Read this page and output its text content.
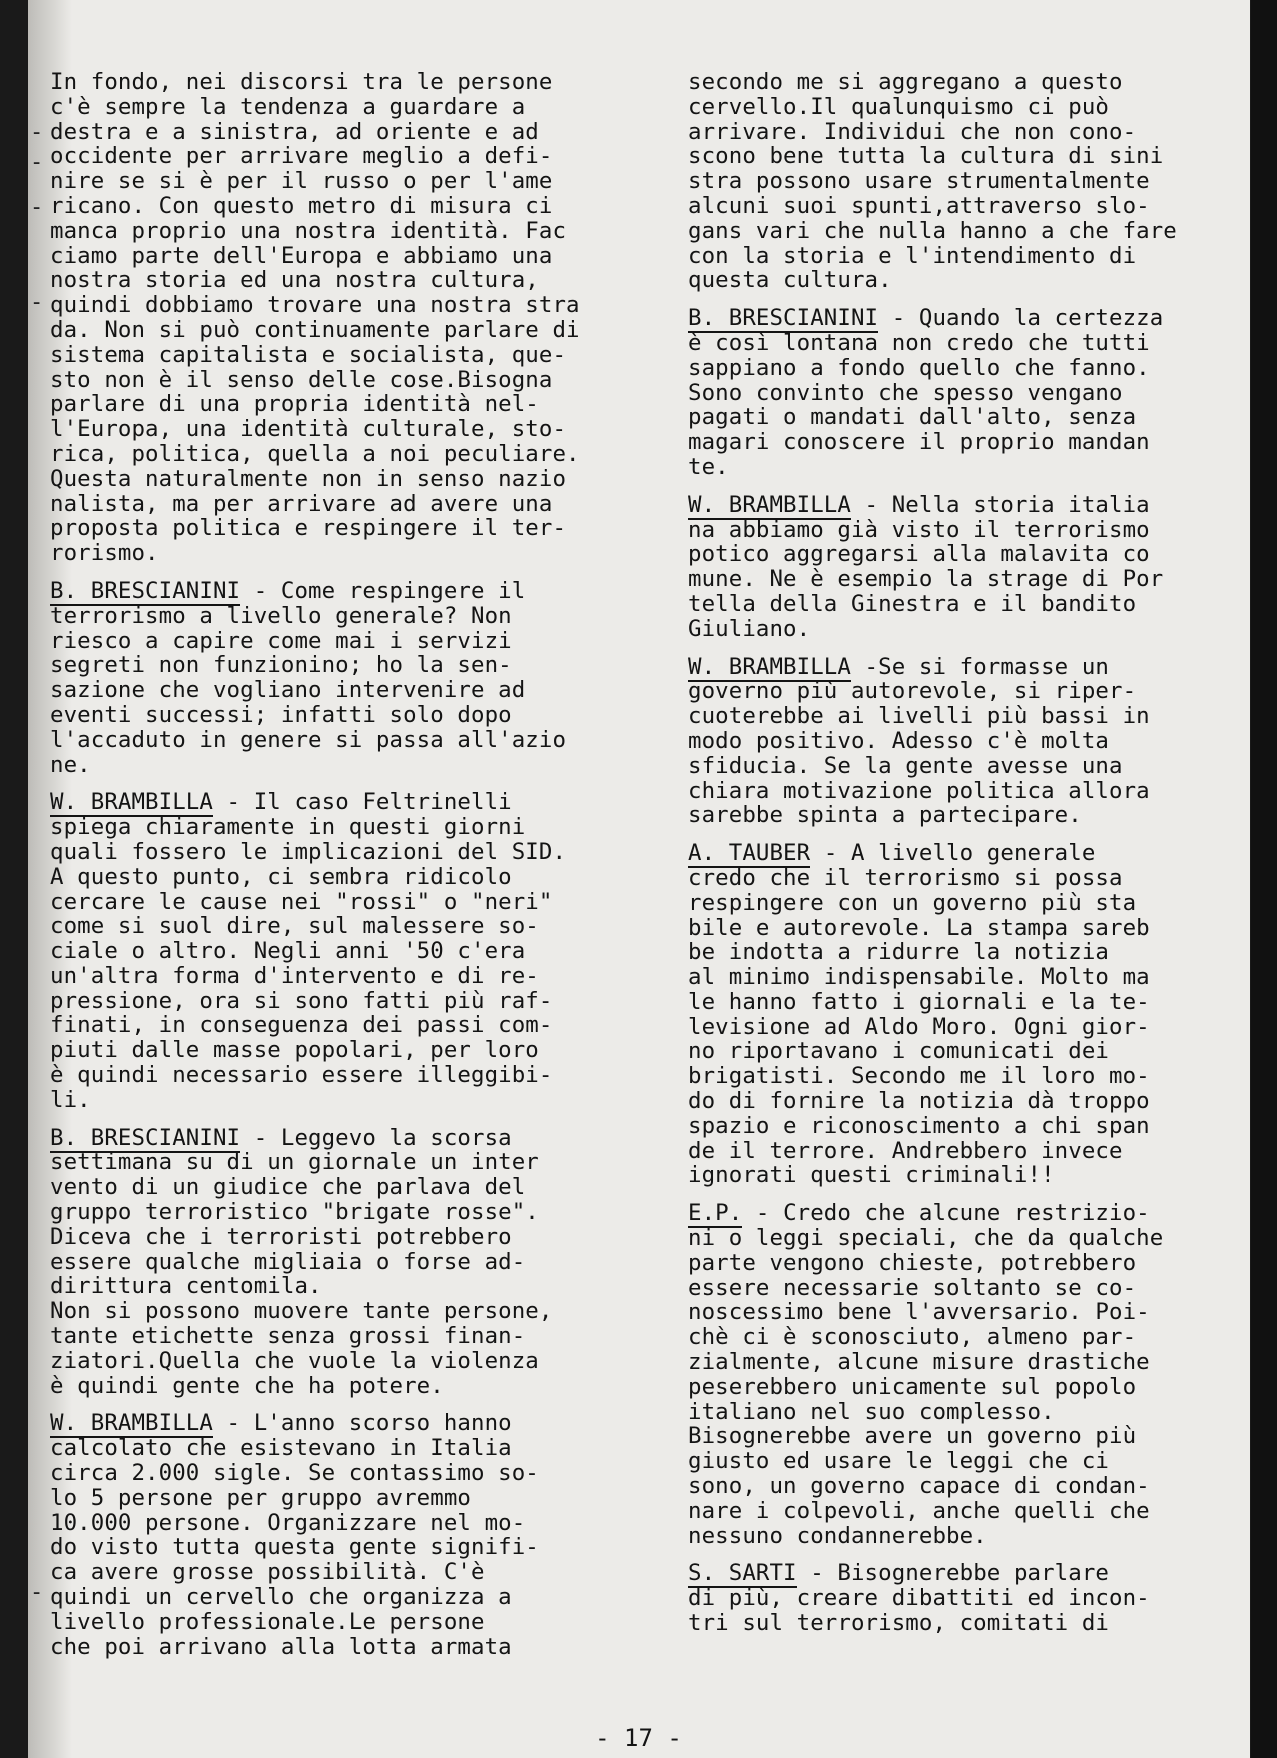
-
-
-
-
-
In fondo, nei discorsi tra le persone
c'è sempre la tendenza a guardare a
destra e a sinistra, ad oriente e ad
occidente per arrivare meglio a defi-
nire se si è per il russo o per l'ame
ricano. Con questo metro di misura ci
manca proprio una nostra identità. Fac
ciamo parte dell'Europa e abbiamo una
nostra storia ed una nostra cultura,
quindi dobbiamo trovare una nostra stra
da. Non si può continuamente parlare di
sistema capitalista e socialista, que-
sto non è il senso delle cose.Bisogna
parlare di una propria identità nel-
l'Europa, una identità culturale, sto-
rica, politica, quella a noi peculiare.
Questa naturalmente non in senso nazio
nalista, ma per arrivare ad avere una
proposta politica e respingere il ter-
rorismo.
B. BRESCIANINI - Come respingere il
terrorismo a livello generale? Non
riesco a capire come mai i servizi
segreti non funzionino; ho la sen-
sazione che vogliano intervenire ad
eventi successi; infatti solo dopo
l'accaduto in genere si passa all'azio
ne.
W. BRAMBILLA - Il caso Feltrinelli
spiega chiaramente in questi giorni
quali fossero le implicazioni del SID.
A questo punto, ci sembra ridicolo
cercare le cause nei "rossi" o "neri"
come si suol dire, sul malessere so-
ciale o altro. Negli anni '50 c'era
un'altra forma d'intervento e di re-
pressione, ora si sono fatti più raf-
finati, in conseguenza dei passi com-
piuti dalle masse popolari, per loro
è quindi necessario essere illeggibi-
li.
B. BRESCIANINI - Leggevo la scorsa
settimana su di un giornale un inter
vento di un giudice che parlava del
gruppo terroristico "brigate rosse".
Diceva che i terroristi potrebbero
essere qualche migliaia o forse ad-
dirittura centomila.
Non si possono muovere tante persone,
tante etichette senza grossi finan-
ziatori.Quella che vuole la violenza
è quindi gente che ha potere.
W. BRAMBILLA - L'anno scorso hanno
calcolato che esistevano in Italia
circa 2.000 sigle. Se contassimo so-
lo 5 persone per gruppo avremmo
10.000 persone. Organizzare nel mo-
do visto tutta questa gente signifi-
ca avere grosse possibilità. C'è
quindi un cervello che organizza a
livello professionale.Le persone
che poi arrivano alla lotta armata
secondo me si aggregano a questo
cervello.Il qualunquismo ci può
arrivare. Individui che non cono-
scono bene tutta la cultura di sini
stra possono usare strumentalmente
alcuni suoi spunti,attraverso slo-
gans vari che nulla hanno a che fare
con la storia e l'intendimento di
questa cultura.
B. BRESCIANINI - Quando la certezza
è così lontana non credo che tutti
sappiano a fondo quello che fanno.
Sono convinto che spesso vengano
pagati o mandati dall'alto, senza
magari conoscere il proprio mandan
te.
W. BRAMBILLA - Nella storia italia
na abbiamo già visto il terrorismo
potico aggregarsi alla malavita co
mune. Ne è esempio la strage di Por
tella della Ginestra e il bandito
Giuliano.
W. BRAMBILLA -Se si formasse un
governo più autorevole, si riper-
cuoterebbe ai livelli più bassi in
modo positivo. Adesso c'è molta
sfiducia. Se la gente avesse una
chiara motivazione politica allora
sarebbe spinta a partecipare.
A. TAUBER - A livello generale
credo che il terrorismo si possa
respingere con un governo più sta
bile e autorevole. La stampa sareb
be indotta a ridurre la notizia
al minimo indispensabile. Molto ma
le hanno fatto i giornali e la te-
levisione ad Aldo Moro. Ogni gior-
no riportavano i comunicati dei
brigatisti. Secondo me il loro mo-
do di fornire la notizia dà troppo
spazio e riconoscimento a chi span
de il terrore. Andrebbero invece
ignorati questi criminali!!
E.P. - Credo che alcune restrizio-
ni o leggi speciali, che da qualche
parte vengono chieste, potrebbero
essere necessarie soltanto se co-
noscessimo bene l'avversario. Poi-
chè ci è sconosciuto, almeno par-
zialmente, alcune misure drastiche
peserebbero unicamente sul popolo
italiano nel suo complesso.
Bisognerebbe avere un governo più
giusto ed usare le leggi che ci
sono, un governo capace di condan-
nare i colpevoli, anche quelli che
nessuno condannerebbe.
S. SARTI - Bisognerebbe parlare
di più, creare dibattiti ed incon-
tri sul terrorismo, comitati di
- 17 -
